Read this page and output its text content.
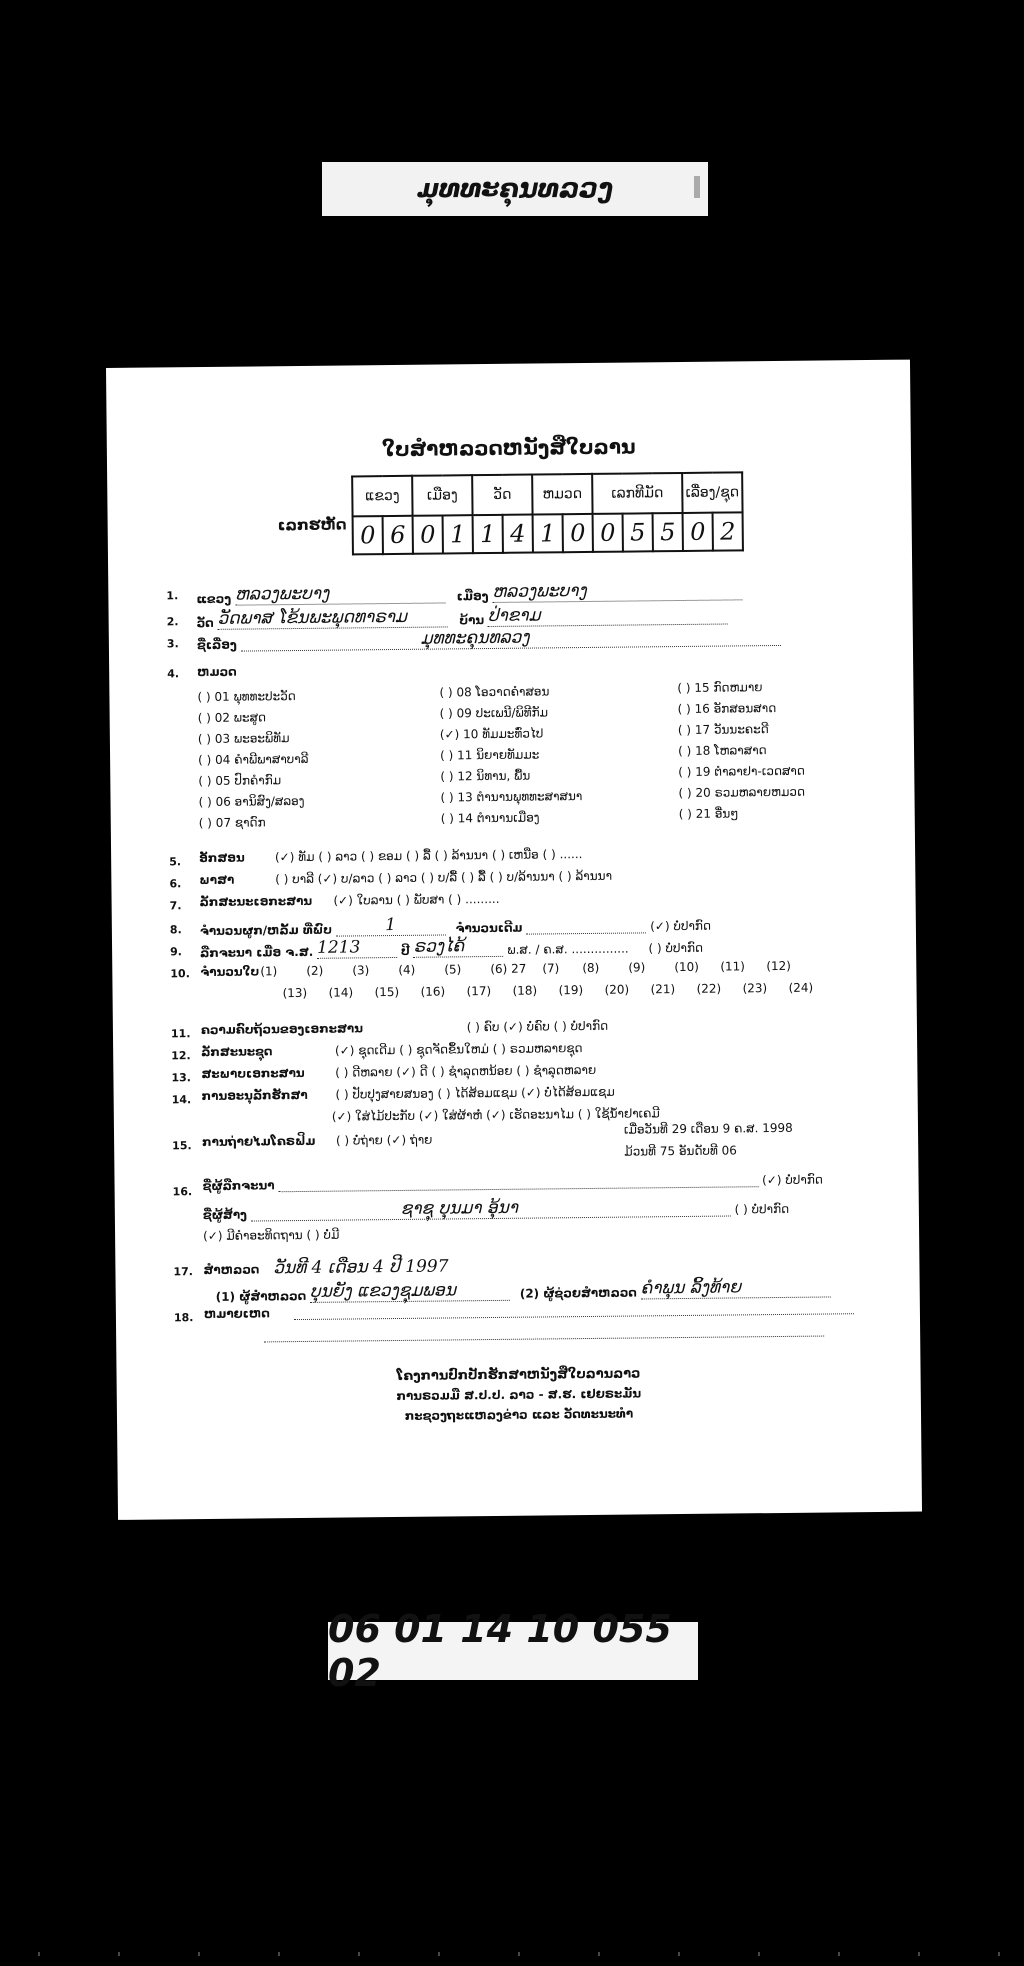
ມຸທທະຄຸນທລວງ
ໃບສຳຫລວດຫນັງສືໃບລານ
ເລກຮຫັດ
ແຂວງ		ເມືອງ		ວັດ		ຫມວດ		ເລກທີມັດ			ເລື່ອງ/ຊຸດ	
0	6	0	1	1	4	1	0	0	5	5	0	2
1. ແຂວງ ຫລວງພະບາງ	ເມືອງ ຫລວງພະບາງ
2. ວັດ ວັດພາສ ໂຂ້ນພະພຸດທາຣາມ	ບ້ານ ປ່າຂາມ
3. ຊື່ເລື່ອງ	ມຸທທະຄຸນທລວງ
4. ຫມວດ
( ) 01 ພຸທທະປະວັດ
( ) 02 ພະສູດ
( ) 03 ພະອະພິທັມ
( ) 04 ຄຳພີພາສາບາລີ
( ) 05 ປົກຄຳກົມ
( ) 06 ອານິສົງ/ສລອງ
( ) 07 ຊາດົກ
( ) 08 ໂອວາດຄຳສອນ
( ) 09 ປະເພນີ/ພິທີກັມ
(✓) 10 ທັມມະທົ່ວໄປ
( ) 11 ນິຍາຍທັມມະ
( ) 12 ນິທານ, ພື້ນ
( ) 13 ຕຳນານພຸທທະສາສນາ
( ) 14 ຕຳນານເມືອງ
( ) 15 ກົດຫມາຍ
( ) 16 ອັກສອນສາດ
( ) 17 ວັນນະຄະດີ
( ) 18 ໂຫລາສາດ
( ) 19 ຕຳລາຢາ-ເວດສາດ
( ) 20 ຣວມຫລາຍຫມວດ
( ) 21 ອື່ນໆ
5. ອັກສອນ	(✓) ທັມ ( ) ລາວ ( ) ຂອມ ( ) ລື້ ( ) ລ້ານນາ ( ) ເຫນືອ ( ) ......
6. ພາສາ	( ) ບາລີ (✓) ບ/ລາວ ( ) ລາວ ( ) ບ/ລື້ ( ) ລື້ ( ) ບ/ລ້ານນາ ( ) ລ້ານນາ
7. ລັກສະນະເອກະສານ (✓) ໃບລານ ( ) ພັບສາ ( ) .........
8. ຈຳນວນຜູກ/ຫລັ້ມ ທີ່ພົບ	1	ຈຳນວນເດີມ	(✓) ບໍ່ປາກົດ
9. ລືກຈະນາ ເມື່ອ ຈ.ສ. 1213	ປີ ຣວງໄຄ້	ພ.ສ. / ຄ.ສ. ............... ( ) ບໍ່ປາກົດ
10. ຈຳນວນໃບ (1) (2) (3) (4) (5) (6) 27 (7) (8) (9) (10) (11) (12)
(13) (14) (15) (16) (17) (18) (19) (20) (21) (22) (23) (24)
11. ຄວາມຄົບຖ້ວນຂອງເອກະສານ	( ) ຄົບ (✓) ບໍ່ຄົບ ( ) ບໍ່ປາກົດ
12. ລັກສະນະຊຸດ	(✓) ຊຸດເດີມ ( ) ຊຸດຈັດຂຶ້ນໃຫມ່ ( ) ຣວມຫລາຍຊຸດ
13. ສະພາບເອກະສານ	( ) ດີຫລາຍ (✓) ດີ ( ) ຊຳລຸດຫນ້ອຍ ( ) ຊຳລຸດຫລາຍ
14. ການອະນຸລັກຮັກສາ ( ) ປັບປຸງສາຍສນອງ ( ) ໄດ້ສ້ອມແຊມ (✓) ບໍ່ໄດ້ສ້ອມແຊມ
(✓) ໃສ່ໄມ້ປະກັບ (✓) ໃສ່ຜ້າຫໍ່ (✓) ເຮັດອະນາໄມ ( ) ໃຊ້ນ້ຳຢາເຄມີ
15. ການຖ່າຍໄມໂຄຣຟິມ ( ) ບໍ່ຖ່າຍ (✓) ຖ່າຍ
ເມື່ອວັນທີ 29 ເດືອນ 9 ຄ.ສ. 1998
ມ້ວນທີ 75 ອັນດັບທີ 06
16. ຊື່ຜູ້ລືກຈະນາ	(✓) ບໍ່ປາກົດ
ຊື່ຜູ້ສ້າງ	ຊາຊຸ ບຸນມາ ອຸ້ນາ	( ) ບໍ່ປາກົດ
(✓) ມີຄຳອະທິດຖານ ( ) ບໍ່ມີ
17. ສຳຫລວດ ວັນທີ 4 ເດືອນ 4 ປີ 1997
(1) ຜູ້ສຳຫລວດ ບຸນຍັງ ແຂວງຊຸມພອນ	(2) ຜູ້ຊ່ວຍສຳຫລວດ ຄຳພຸນ ລິ້ງທ້າຍ
18. ຫມາຍເຫດ
ໂຄງການປົກປັກຮັກສາຫນັງສືໃບລານລາວ
ການຣວມມື ສ.ປ.ປ. ລາວ - ສ.ຮ. ເຢຍຣະມັນ
ກະຊວງຖະແຫລງຂ່າວ ແລະ ວັດທະນະທຳ
06 01 14 10 055 02
